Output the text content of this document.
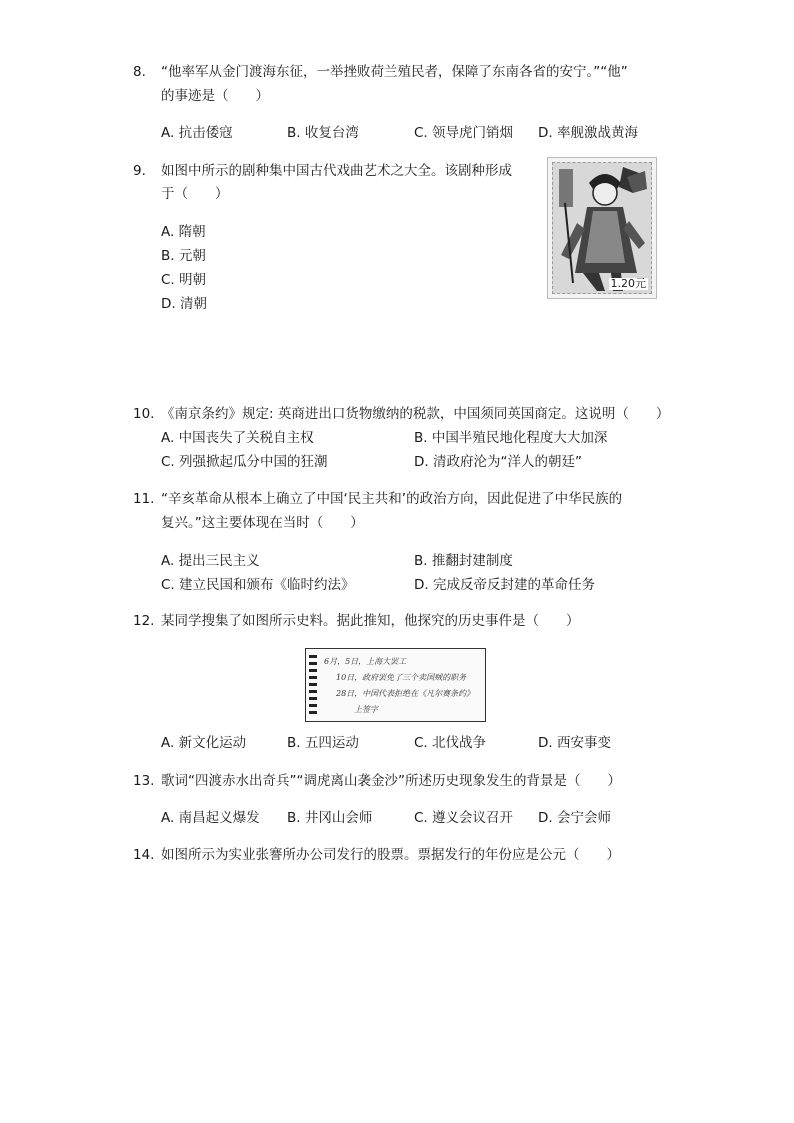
8. “他率军从金门渡海东征，一举挫败荷兰殖民者，保障了东南各省的安宁。”“他”
的事迹是（　　）
A. 抗击倭寇	B. 收复台湾	C. 领导虎门销烟 D. 率舰激战黄海
9. 如图中所示的剧种集中国古代戏曲艺术之大全。该剧种形成
于（　　）
A. 隋朝
B. 元朝
C. 明朝
D. 清朝
1.20元
10. 《南京条约》规定: 英商进出口货物缴纳的税款，中国须同英国商定。这说明（　　）
A. 中国丧失了关税自主权	B. 中国半殖民地化程度大大加深
C. 列强掀起瓜分中国的狂潮	D. 清政府沦为“洋人的朝廷”
11. “辛亥革命从根本上确立了中国‘民主共和’的政治方向，因此促进了中华民族的
复兴。”这主要体现在当时（　　）
A. 提出三民主义	B. 推翻封建制度
C. 建立民国和颁布《临时约法》	D. 完成反帝反封建的革命任务
12. 某同学搜集了如图所示史料。据此推知，他探究的历史事件是（　　）
6月，5日，上海大罢工
10日，政府罢免了三个卖国贼的职务
28日，中国代表拒绝在《凡尔赛条约》
上签字
A. 新文化运动	B. 五四运动	C. 北伐战争	D. 西安事变
13. 歌词“四渡赤水出奇兵”“调虎离山袭金沙”所述历史现象发生的背景是（　　）
A. 南昌起义爆发 B. 井冈山会师	C. 遵义会议召开 D. 会宁会师
14. 如图所示为实业张謇所办公司发行的股票。票据发行的年份应是公元（　　）
